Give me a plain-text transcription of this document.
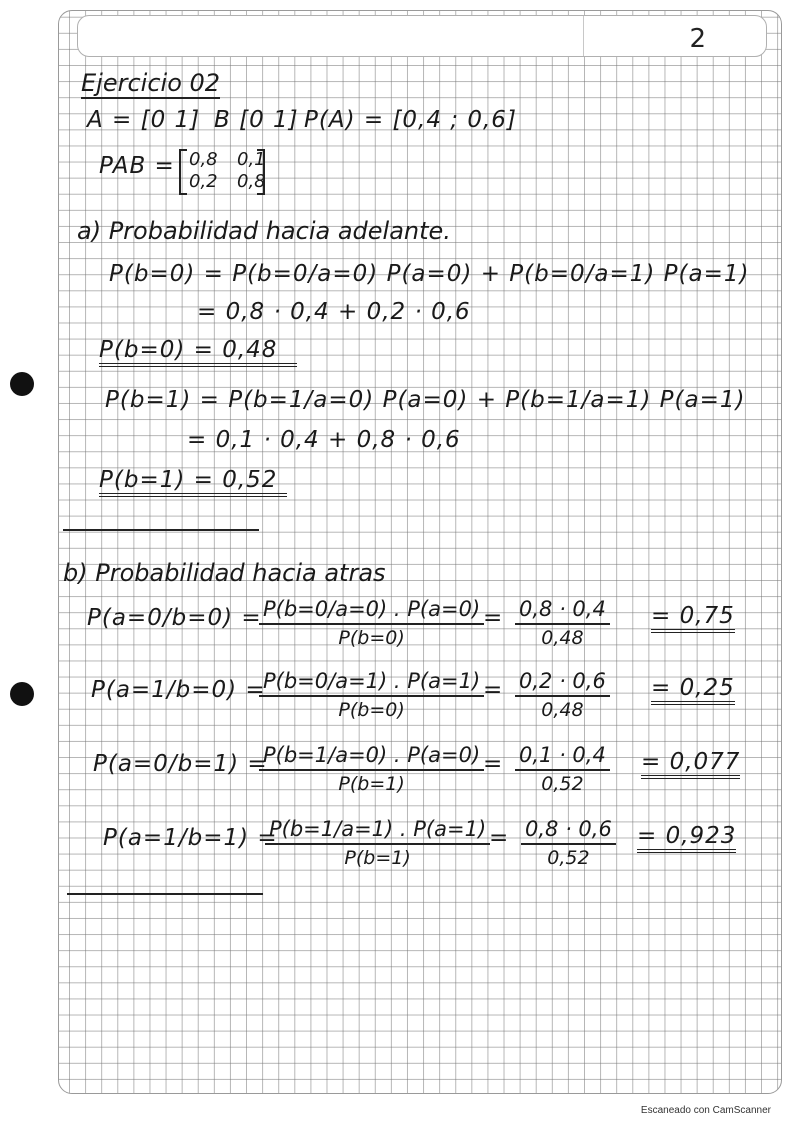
2
Ejercicio 02
A = [0 1] B [0 1] P(A) = [0,4 ; 0,6]
PAB = 0,8 0,1
0,2 0,8
a) Probabilidad hacia adelante.
P(b=0) = P(b=0/a=0) P(a=0) + P(b=0/a=1) P(a=1)
= 0,8 · 0,4 + 0,2 · 0,6
P(b=0) = 0,48
P(b=1) = P(b=1/a=0) P(a=0) + P(b=1/a=1) P(a=1)
= 0,1 · 0,4 + 0,8 · 0,6
P(b=1) = 0,52
b) Probabilidad hacia atras
P(a=0/b=0) =
$\frac{P(b=0/a=0) . P(a=0)}{P(b=0)}$
= $\frac{0,8 \cdot 0,4}{0,48} = 0,75$
P(a=1/b=0) =
$\frac{P(b=0/a=1) . P(a=1)}{P(b=0)}$
= $\frac{0,2 \cdot 0,6}{0,48} = 0,25$
P(a=0/b=1) =
$\frac{P(b=1/a=0) . P(a=0)}{P(b=1)}$
= $\frac{0,1 \cdot 0,4}{0,52} = 0,077$
P(a=1/b=1) =
$\frac{P(b=1/a=1) . P(a=1)}{P(b=1)}$
= $\frac{0,8 \cdot 0,6}{0,52} = 0,923$
Escaneado con CamScanner
